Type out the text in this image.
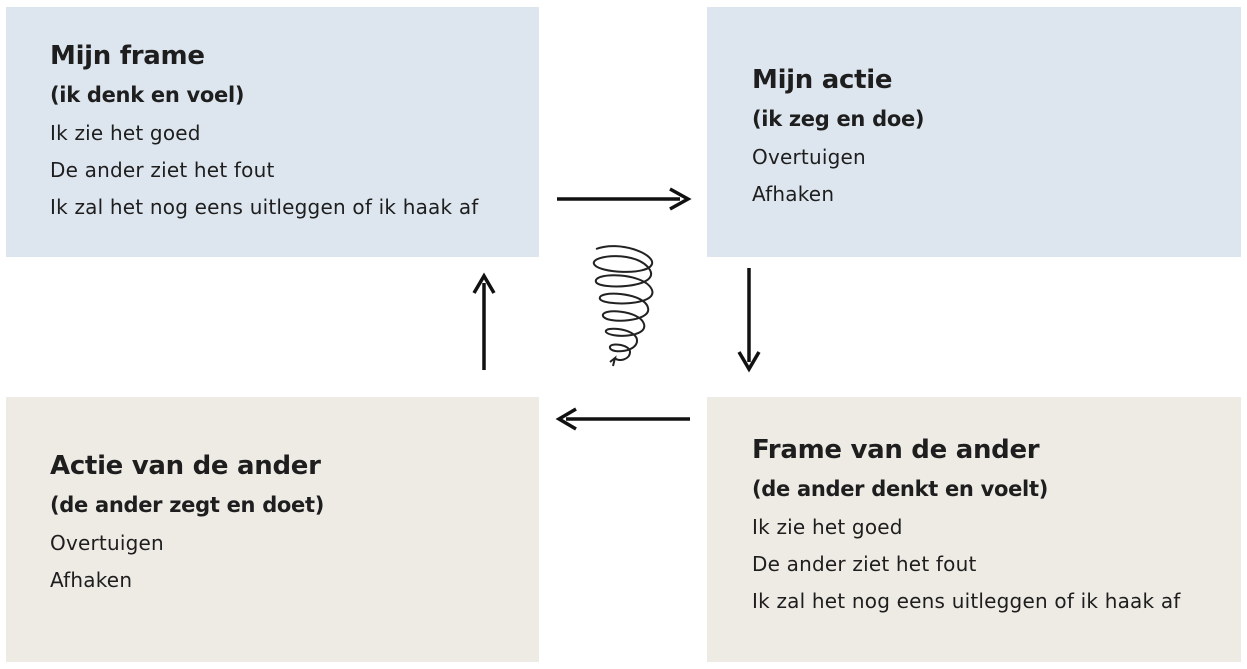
Mijn frame
(ik denk en voel)
Ik zie het goed
De ander ziet het fout
Ik zal het nog eens uitleggen of ik haak af
Mijn actie
(ik zeg en doe)
Overtuigen
Afhaken
Actie van de ander
(de ander zegt en doet)
Overtuigen
Afhaken
Frame van de ander
(de ander denkt en voelt)
Ik zie het goed
De ander ziet het fout
Ik zal het nog eens uitleggen of ik haak af
